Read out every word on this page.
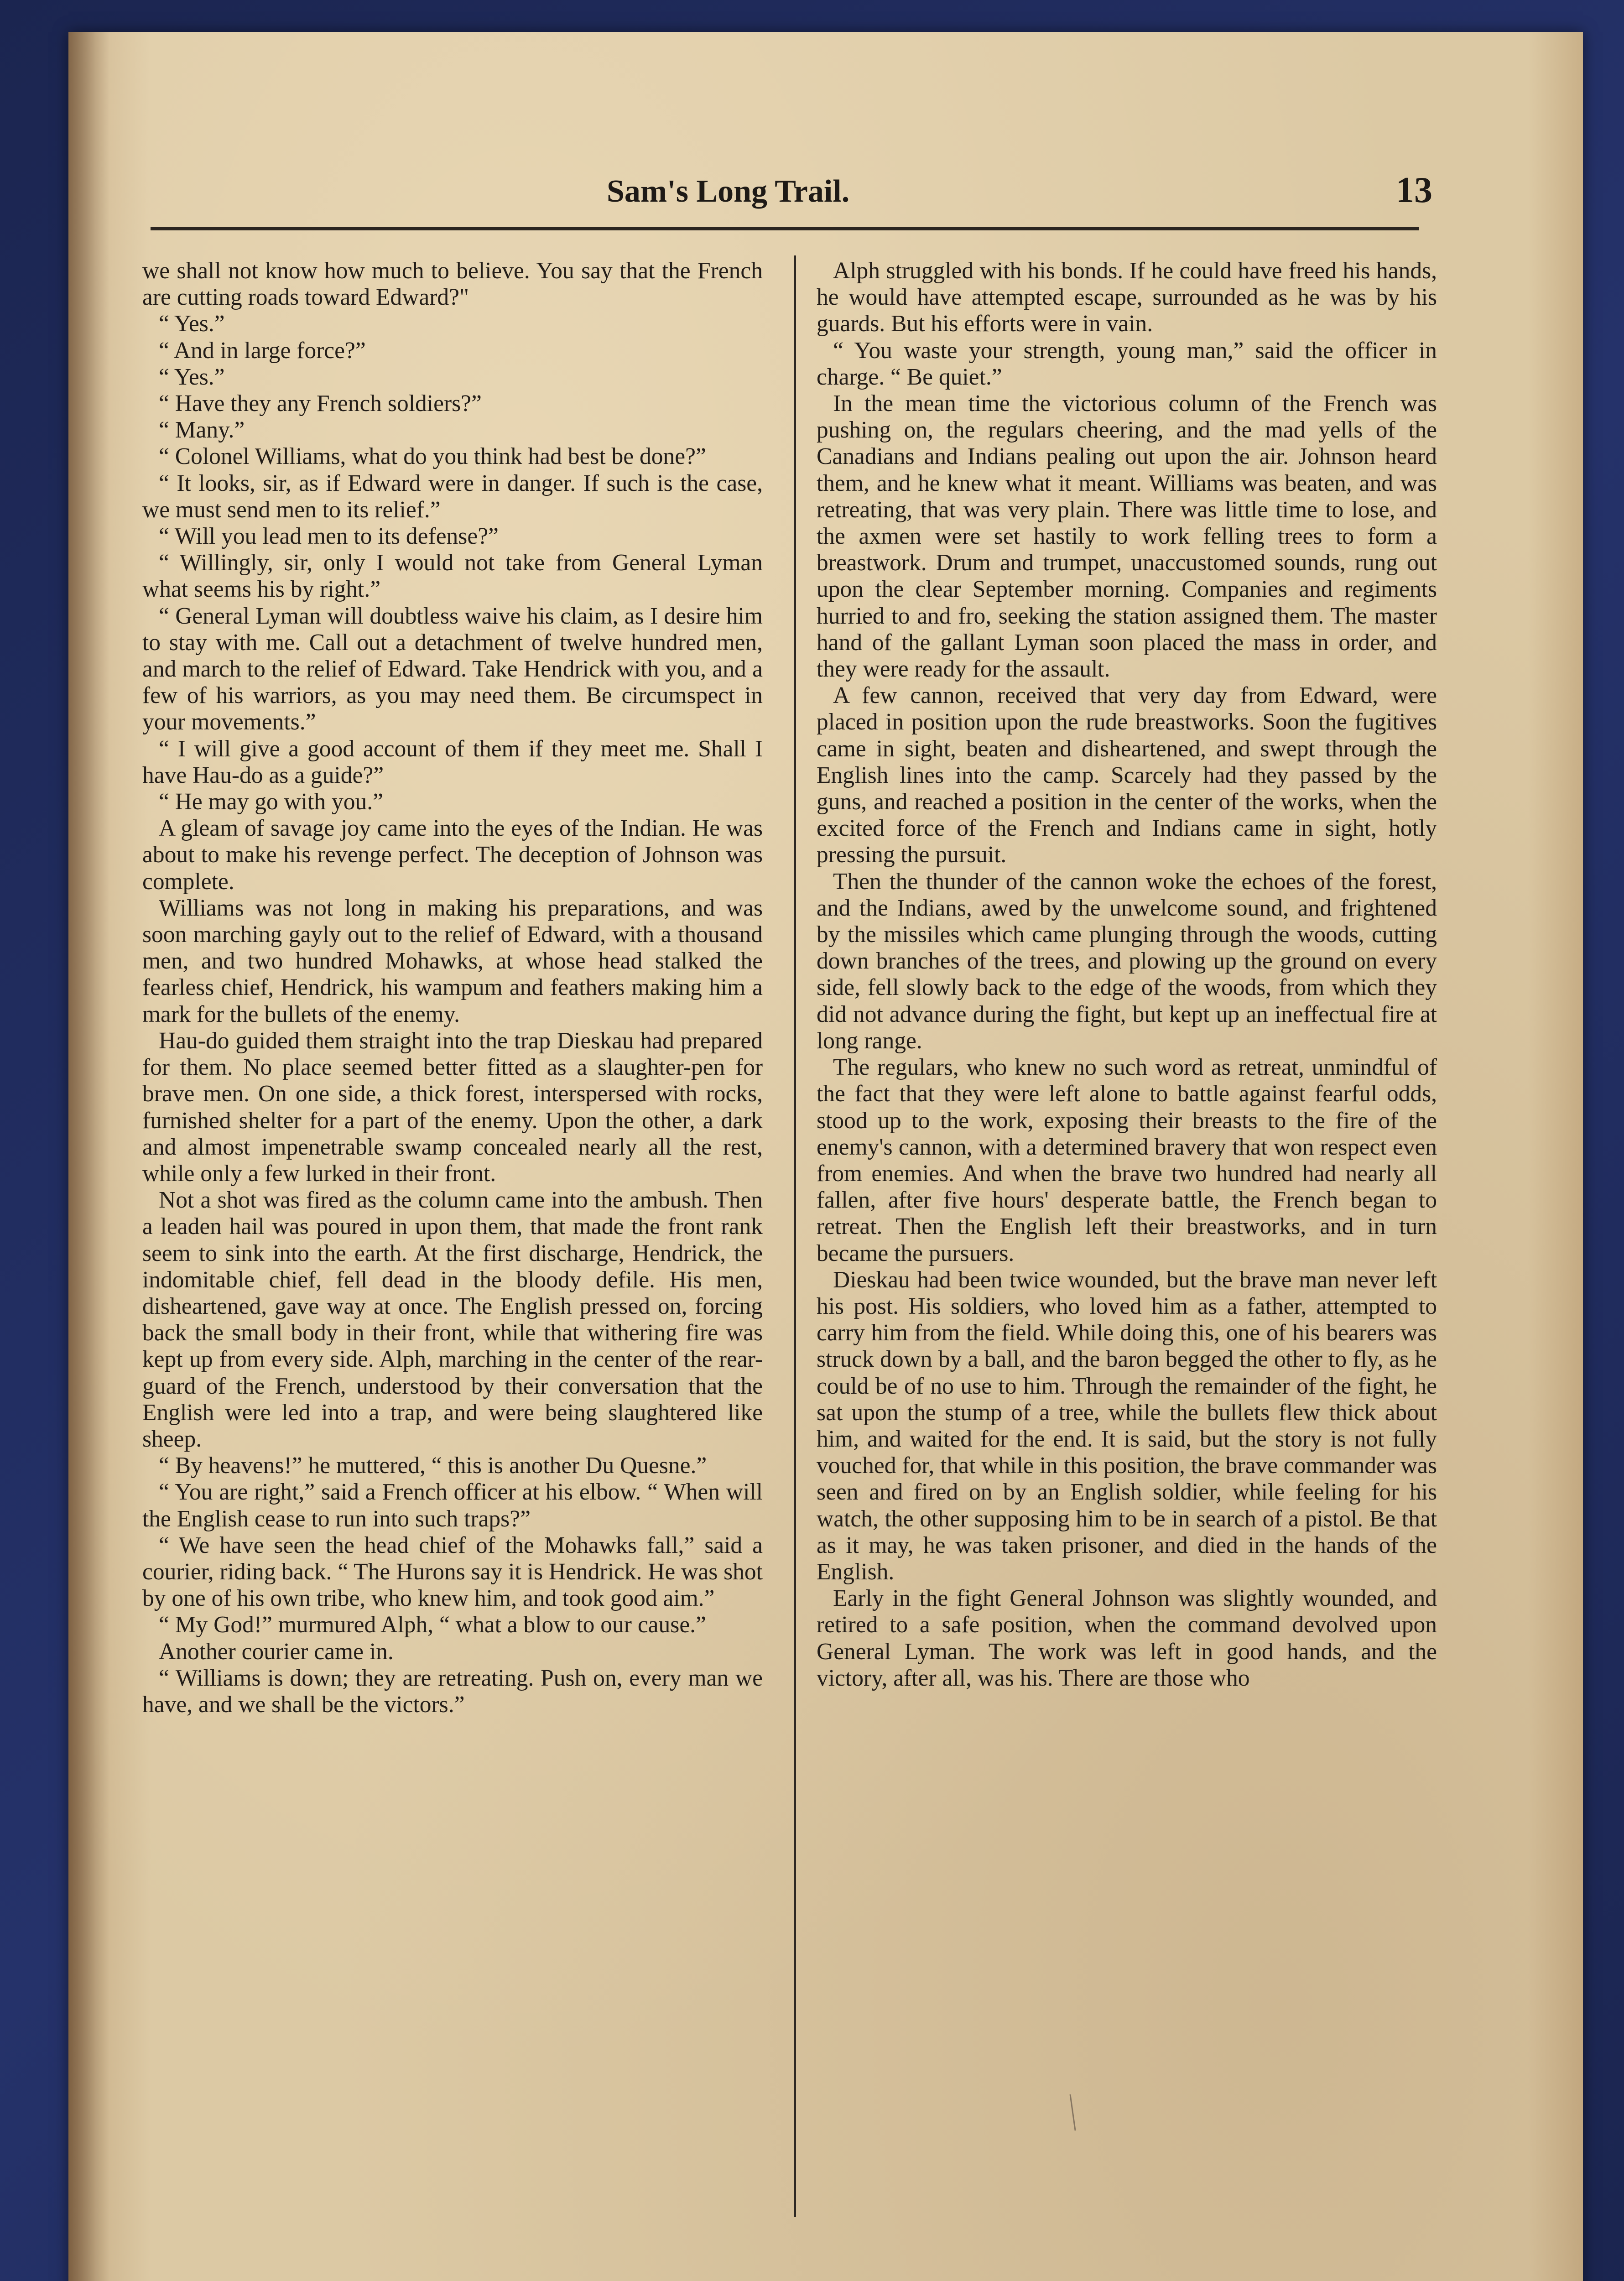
Sam's Long Trail.	13

we shall not know how much to believe. You say that the French are cutting roads toward Edward?"

“ Yes.”

“ And in large force?”

“ Yes.”

“ Have they any French soldiers?”

“ Many.”

“ Colonel Williams, what do you think had best be done?”

“ It looks, sir, as if Edward were in danger. If such is the case, we must send men to its relief.”

“ Will you lead men to its defense?”

“ Willingly, sir, only I would not take from General Lyman what seems his by right.”

“ General Lyman will doubtless waive his claim, as I desire him to stay with me. Call out a detachment of twelve hundred men, and march to the relief of Edward. Take Hendrick with you, and a few of his warriors, as you may need them. Be circumspect in your movements.”

“ I will give a good account of them if they meet me. Shall I have Hau-do as a guide?”

“ He may go with you.”

A gleam of savage joy came into the eyes of the Indian. He was about to make his revenge perfect. The deception of Johnson was complete.

Williams was not long in making his preparations, and was soon marching gayly out to the relief of Edward, with a thousand men, and two hundred Mohawks, at whose head stalked the fearless chief, Hendrick, his wampum and feathers making him a mark for the bullets of the enemy.

Hau-do guided them straight into the trap Dieskau had prepared for them. No place seemed better fitted as a slaughter-pen for brave men. On one side, a thick forest, interspersed with rocks, furnished shelter for a part of the enemy. Upon the other, a dark and almost impenetrable swamp concealed nearly all the rest, while only a few lurked in their front.

Not a shot was fired as the column came into the ambush. Then a leaden hail was poured in upon them, that made the front rank seem to sink into the earth. At the first discharge, Hendrick, the indomitable chief, fell dead in the bloody defile. His men, disheartened, gave way at once. The English pressed on, forcing back the small body in their front, while that withering fire was kept up from every side. Alph, marching in the center of the rear-guard of the French, understood by their conversation that the English were led into a trap, and were being slaughtered like sheep.

“ By heavens!” he muttered, “ this is another Du Quesne.”

“ You are right,” said a French officer at his elbow. “ When will the English cease to run into such traps?”

“ We have seen the head chief of the Mohawks fall,” said a courier, riding back. “ The Hurons say it is Hendrick. He was shot by one of his own tribe, who knew him, and took good aim.”

“ My God!” murmured Alph, “ what a blow to our cause.”

Another courier came in.

“ Williams is down; they are retreating. Push on, every man we have, and we shall be the victors.”

Alph struggled with his bonds. If he could have freed his hands, he would have attempted escape, surrounded as he was by his guards. But his efforts were in vain.

“ You waste your strength, young man,” said the officer in charge. “ Be quiet.”

In the mean time the victorious column of the French was pushing on, the regulars cheering, and the mad yells of the Canadians and Indians pealing out upon the air. Johnson heard them, and he knew what it meant. Williams was beaten, and was retreating, that was very plain. There was little time to lose, and the axmen were set hastily to work felling trees to form a breastwork. Drum and trumpet, unaccustomed sounds, rung out upon the clear September morning. Companies and regiments hurried to and fro, seeking the station assigned them. The master hand of the gallant Lyman soon placed the mass in order, and they were ready for the assault.

A few cannon, received that very day from Edward, were placed in position upon the rude breastworks. Soon the fugitives came in sight, beaten and disheartened, and swept through the English lines into the camp. Scarcely had they passed by the guns, and reached a position in the center of the works, when the excited force of the French and Indians came in sight, hotly pressing the pursuit.

Then the thunder of the cannon woke the echoes of the forest, and the Indians, awed by the unwelcome sound, and frightened by the missiles which came plunging through the woods, cutting down branches of the trees, and plowing up the ground on every side, fell slowly back to the edge of the woods, from which they did not advance during the fight, but kept up an ineffectual fire at long range.

The regulars, who knew no such word as retreat, unmindful of the fact that they were left alone to battle against fearful odds, stood up to the work, exposing their breasts to the fire of the enemy's cannon, with a determined bravery that won respect even from enemies. And when the brave two hundred had nearly all fallen, after five hours' desperate battle, the French began to retreat. Then the English left their breastworks, and in turn became the pursuers.

Dieskau had been twice wounded, but the brave man never left his post. His soldiers, who loved him as a father, attempted to carry him from the field. While doing this, one of his bearers was struck down by a ball, and the baron begged the other to fly, as he could be of no use to him. Through the remainder of the fight, he sat upon the stump of a tree, while the bullets flew thick about him, and waited for the end. It is said, but the story is not fully vouched for, that while in this position, the brave commander was seen and fired on by an English soldier, while feeling for his watch, the other supposing him to be in search of a pistol. Be that as it may, he was taken prisoner, and died in the hands of the English.

Early in the fight General Johnson was slightly wounded, and retired to a safe position, when the command devolved upon General Lyman. The work was left in good hands, and the victory, after all, was his. There are those who
